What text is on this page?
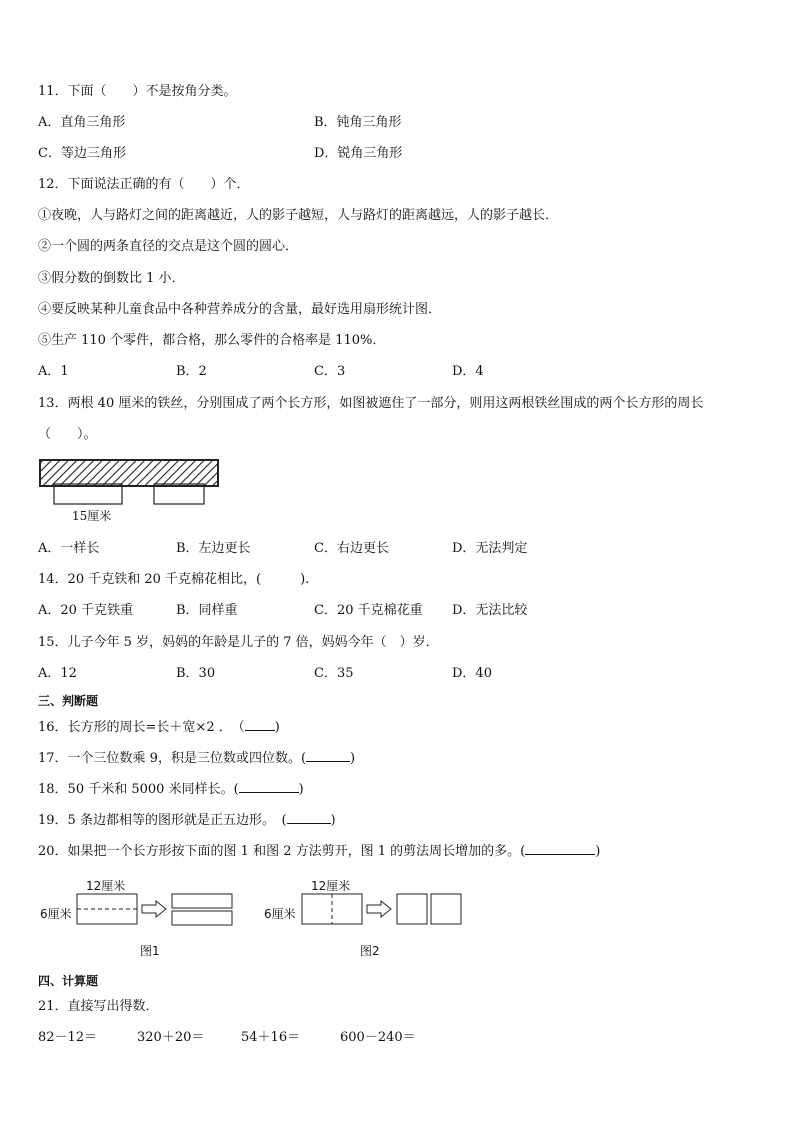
11．下面（　　）不是按角分类。
A．直角三角形	B．钝角三角形
C．等边三角形	D．锐角三角形
12．下面说法正确的有（　　）个．
①夜晚，人与路灯之间的距离越近，人的影子越短，人与路灯的距离越远，人的影子越长．
②一个圆的两条直径的交点是这个圆的圆心．
③假分数的倒数比 1 小．
④要反映某种儿童食品中各种营养成分的含量，最好选用扇形统计图．
⑤生产 110 个零件，都合格，那么零件的合格率是 110%．
A．1	B．2	C．3	D．4
13．两根 40 厘米的铁丝，分别围成了两个长方形，如图被遮住了一部分，则用这两根铁丝围成的两个长方形的周长
（　　）。
15厘米
A．一样长	B．左边更长	C．右边更长	D．无法判定
14．20 千克铁和 20 千克棉花相比，(　　　).
A．20 千克铁重	B．同样重	C．20 千克棉花重 D．无法比较
15．儿子今年 5 岁，妈妈的年龄是儿子的 7 倍，妈妈今年（　）岁．
A．12	B．30	C．35	D．40
三、判断题
16．长方形的周长=长＋宽×2 ．　（ )
17．一个三位数乘 9，积是三位数或四位数。(	)
18．50 千米和 5000 米同样长。(	)
19．5 条边都相等的图形就是正五边形。　(	)
20．如果把一个长方形按下面的图 1 和图 2 方法剪开，图 1 的剪法周长增加的多。(	)
12厘米
6厘米
图1
12厘米
6厘米
图2
四、计算题
21．直接写出得数．
82－12＝	320＋20＝	54＋16＝	600－240＝
